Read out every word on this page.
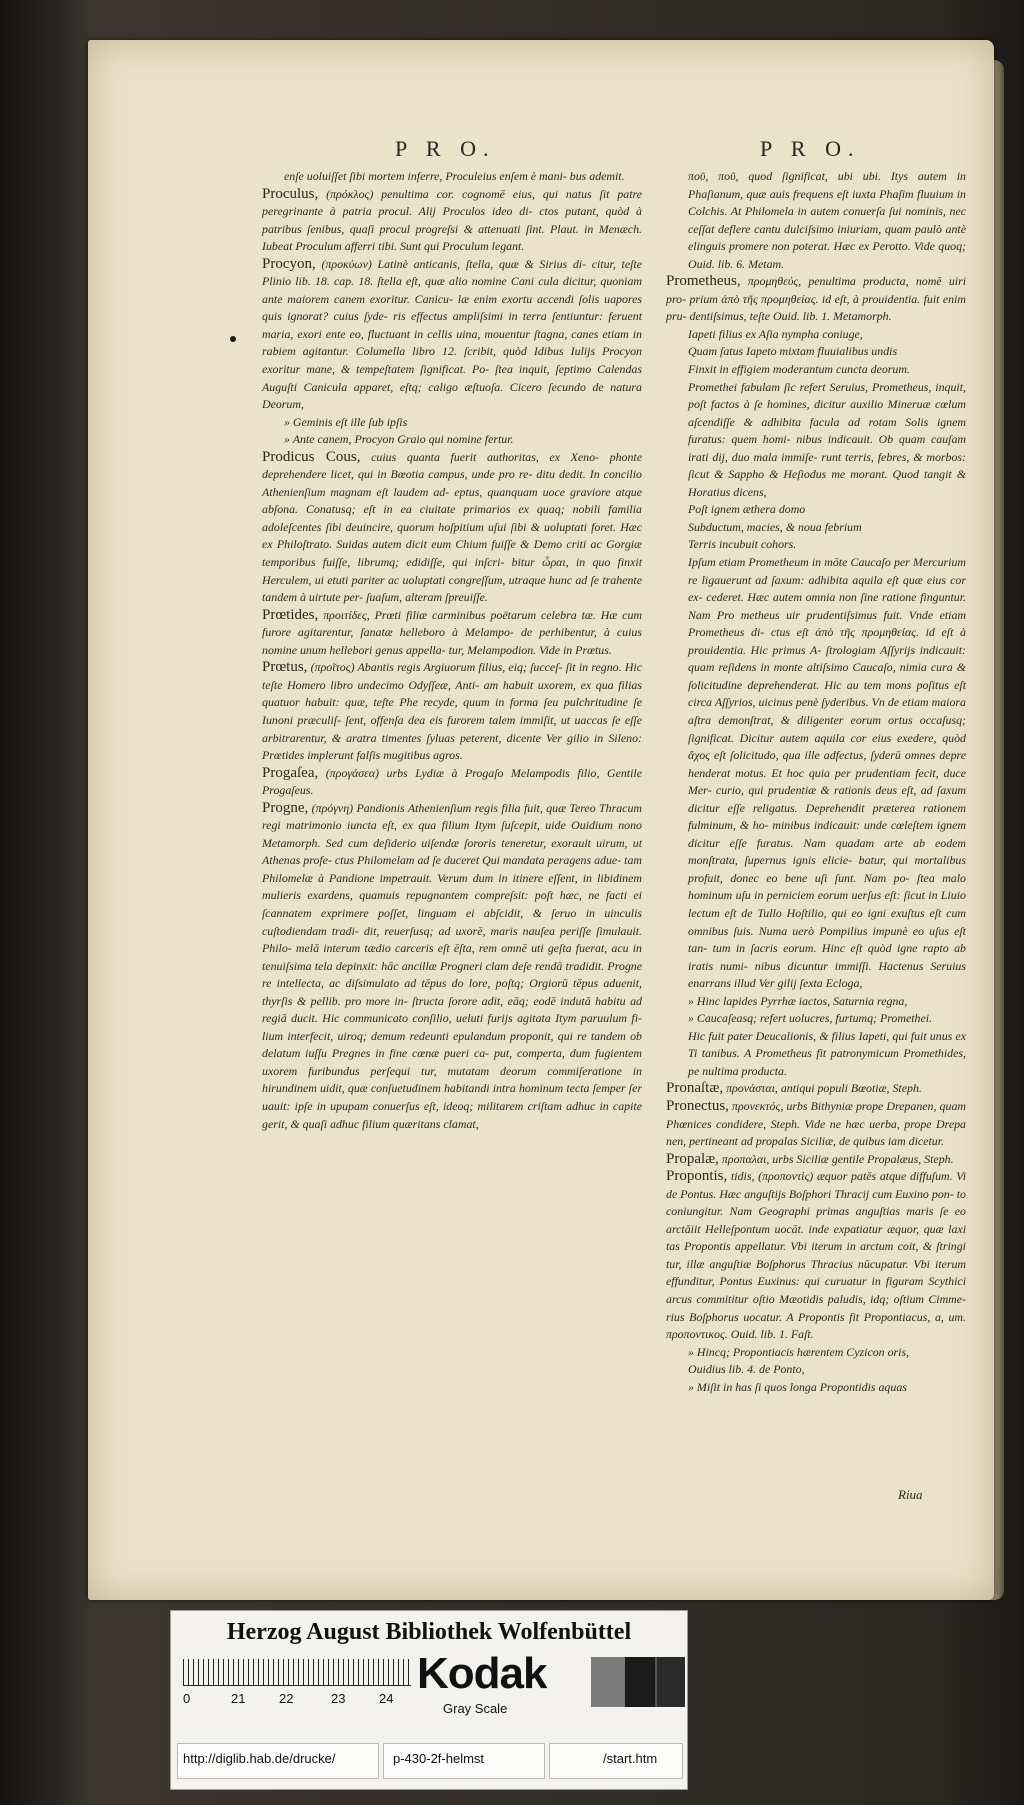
P R O.	P R O.

enſe uoluiſſet ſibi mortem inferre, Proculeius enſem è mani- bus ademit.

Proculus, (πρόκλος) penultima cor. cognomē eius, qui natus ſit patre peregrinante à patria procul. Alij Proculos ideo di- ctos putant, quòd à patribus ſenibus, quaſi procul progreſsi & attenuati ſint. Plaut. in Menæch. Iubeat Proculum afferri tibi. Sunt qui Proculum legant.

Procyon, (προκύων) Latinè anticanis, ſtella, quæ & Sirius di- citur, teſte Plinio lib. 18. cap. 18. ſtella eſt, quæ alio nomine Cani cula dicitur, quoniam ante maiorem canem exoritur. Canicu- læ enim exortu accendi ſolis uapores quis ignorat? cuius ſyde- ris effectus ampliſsimi in terra ſentiuntur: feruent maria, exori ente eo, fluctuant in cellis uina, mouentur ſtagna, canes etiam in rabiem agitantur. Columella libro 12. ſcribit, quòd Idibus Iulijs Procyon exoritur mane, & tempeſtatem ſignificat. Po- ſtea inquit, ſeptimo Calendas Auguſti Canicula apparet, eſtq; caligo æſtuoſa. Cicero ſecundo de natura Deorum,

» Geminis eſt ille ſub ipſis

» Ante canem, Procyon Graio qui nomine fertur.

Prodicus Cous, cuius quanta fuerit authoritas, ex Xeno- phonte deprehendere licet, qui in Bœotia campus, unde pro re- ditu dedit. In concilio Athenienſium magnam eſt laudem ad- eptus, quanquam uoce graviore atque abſona. Conatusq; eſt in ea ciuitate primarios ex quaq; nobili familia adoleſcentes ſibi deuincire, quorum hoſpitium uſui ſibi & uoluptati foret. Hæc ex Philoſtrato. Suidas autem dicit eum Chium fuiſſe & Demo criti ac Gorgiæ temporibus fuiſſe, librumq; edidiſſe, qui inſcri- bitur ὧραι, in quo finxit Herculem, ui etuti pariter ac uoluptati congreſſum, utraque hunc ad ſe trahente tandem à uirtute per- ſuaſum, alteram ſpreuiſſe.

Prœtides, προιτίδες, Prœti filiæ carminibus poëtarum celebra tæ. Hæ cum furore agitarentur, ſanatæ helleboro à Melampo- de perhibentur, à cuius nomine unum hellebori genus appella- tur, Melampodion. Vide in Prœtus.

Prœtus, (προῖτος) Abantis regis Argiuorum filius, eiq; ſucceſ- ſit in regno. Hic teſte Homero libro undecimo Odyſſeæ, Anti- am habuit uxorem, ex qua filias quatuor habuit: quæ, teſte Phe recyde, quum in forma ſeu pulchritudine ſe Iunoni præculiſ- ſent, offenſa dea eis furorem talem immiſit, ut uaccas ſe eſſe arbitrarentur, & aratra timentes ſyluas peterent, dicente Ver gilio in Sileno: Prœtides implerunt falſis mugitibus agros.

Progaſea, (προγάσεα) urbs Lydiæ à Progaſo Melampodis filio, Gentile Progaſeus.

Progne, (πρόγνη) Pandionis Athenienſium regis filia fuit, quæ Tereo Thracum regi matrimonio iuncta eſt, ex qua filium Itym ſuſcepit, uide Ouidium nono Metamorph. Sed cum deſiderio uiſendæ ſororis teneretur, exorauit uirum, ut Athenas profe- ctus Philomelam ad ſe duceret Qui mandata peragens adue- tam Philomelæ à Pandione impetrauit. Verum dum in itinere eſſent, in libidinem mulieris exardens, quamuis repugnantem compreſsit: poſt hæc, ne facti ei ſcannatem exprimere poſſet, linguam ei abſcidit, & ſeruo in uinculis cuſtodiendam tradi- dit, reuerſusq; ad uxorē, maris nauſea periſſe ſimulauit. Philo- melā interum tædio carceris eſt ēſta, rem omnē uti geſta fuerat, acu in tenuiſsima tela depinxit: hāc ancillæ Progneri clam deſe rendā tradidit. Progne re intellecta, ac diſsimulato ad tēpus do lore, poſtq; Orgiorū tēpus aduenit, thyrſis & pellib. pro more in- ſtructa ſorore adit, eāq; eodē indutā habitu ad regiā ducit. Hic communicato conſilio, ueluti furijs agitata Itym paruulum fi- lium interfecit, uiroq; demum redeunti epulandum proponit, qui re tandem ob delatum iuſſu Pregnes in fine cœnæ pueri ca- put, comperta, dum fugientem uxorem furibundus perſequi tur, mutatam deorum commiſeratione in hirundinem uidit, quæ conſuetudinem habitandi intra hominum tecta ſemper ſer uauit: ipſe in upupam conuerſus eſt, ideoq; militarem criſtam adhuc in capite gerit, & quaſi adhuc filium quæritans clamat,

ποῦ, ποῦ, quod ſignificat, ubi ubi. Itys autem in Phaſianum, quæ auis frequens eſt iuxta Phaſim fluuium in Colchis. At Philomela in autem conuerſa ſui nominis, nec ceſſat deflere cantu dulciſsimo iniuriam, quam paulò antè elinguis promere non poterat. Hæc ex Perotto. Vide quoq; Ouid. lib. 6. Metam.

Prometheus, προμηθεύς, penultima producta, nomē uiri pro- prium ἀπὸ τῆς προμηθείας. id eſt, à prouidentia. fuit enim pru- dentiſsimus, teſte Ouid. lib. 1. Metamorph.

Iapeti filius ex Aſia nympha coniuge,

Quam ſatus Iapeto mixtam fluuialibus undis

Finxit in effigiem moderantum cuncta deorum.

Promethei fabulam ſic refert Seruius, Prometheus, inquit, poſt factos à ſe homines, dicitur auxilio Mineruæ cœlum aſcendiſſe & adhibita facula ad rotam Solis ignem furatus: quem homi- nibus indicauit. Ob quam cauſam irati dij, duo mala immiſe- runt terris, febres, & morbos: ſicut & Sappho & Heſiodus me morant. Quod tangit & Horatius dicens,

Poſt ignem æthera domo

Subductum, macies, & noua febrium

Terris incubuit cohors.

Ipſum etiam Prometheum in mōte Caucaſo per Mercurium re ligauerunt ad ſaxum: adhibita aquila eſt quæ eius cor ex- cederet. Hæc autem omnia non ſine ratione finguntur. Nam Pro metheus uir prudentiſsimus fuit. Vnde etiam Prometheus di- ctus eſt ἀπὸ τῆς προμηθείας. id eſt à prouidentia. Hic primus A- ſtrologiam Aſſyrijs indicauit: quam reſidens in monte altiſsimo Caucaſo, nimia cura & ſolicitudine deprehenderat. Hic au tem mons poſitus eſt circa Aſſyrios, uicinus penè ſyderibus. Vn de etiam maiora aſtra demonſtrat, & diligenter eorum ortus occaſusq; ſignificat. Dicitur autem aquila cor eius exedere, quòd ἄχος eſt ſolicitudo, qua ille adfectus, ſyderū omnes depre henderat motus. Et hoc quia per prudentiam fecit, duce Mer- curio, qui prudentiæ & rationis deus eſt, ad ſaxum dicitur eſſe religatus. Deprehendit præterea rationem fulminum, & ho- minibus indicauit: unde cœleſtem ignem dicitur eſſe furatus. Nam quadam arte ab eodem monſtrata, ſupernus ignis elicie- batur, qui mortalibus profuit, donec eo bene uſi ſunt. Nam po- ſtea malo hominum uſu in perniciem eorum uerſus eſt: ſicut in Liuio lectum eſt de Tullo Hoſtilio, qui eo igni exuſtus eſt cum omnibus ſuis. Numa uerò Pompilius impunè eo uſus eſt tan- tum in ſacris eorum. Hinc eſt quòd igne rapto ab iratis numi- nibus dicuntur immiſſi. Hactenus Seruius enarrans illud Ver gilij ſexta Ecloga,

» Hinc lapides Pyrrhæ iactos, Saturnia regna,

» Caucaſeasq; refert uolucres, furtumq; Promethei.

Hic fuit pater Deucalionis, & filius Iapeti, qui fuit unus ex Ti tanibus. A Prometheus fit patronymicum Promethides, pe nultima producta.

Pronaſtæ, προνάσται, antiqui populi Bœotiæ, Steph.

Pronectus, προνεκτός, urbs Bithyniæ prope Drepanen, quam Phœnices condidere, Steph. Vide ne hæc uerba, prope Drepa nen, pertineant ad propalas Siciliæ, de quibus iam dicetur.

Propalæ, προπαλαι, urbs Siciliæ gentile Propalæus, Steph.

Propontis, tidis, (προποντὶς) æquor patēs atque diffuſum. Vi de Pontus. Hæc anguſtijs Boſphori Thracij cum Euxino pon- to coniungitur. Nam Geographi primas anguſtias maris ſe eo arctāiit Helleſpontum uocāt. inde expatiatur æquor, quæ laxi tas Propontis appellatur. Vbi iterum in arctum coit, & ſtringi tur, illæ anguſtiæ Boſphorus Thracius nūcupatur. Vbi iterum effunditur, Pontus Euxinus: qui curuatur in figuram Scythici arcus commititur oſtio Mæotidis paludis, idq; oſtium Cimme- rius Boſphorus uocatur. A Propontis fit Propontiacus, a, um. προποντικος. Ouid. lib. 1. Faſt.

» Hincq; Propontiacis hærentem Cyzicon oris,

Ouidius lib. 4. de Ponto,

» Miſit in has ſi quos longa Propontidis aquas

Riua
Herzog August Bibliothek Wolfenbüttel
0	21	22	23	24
Kodak
Gray Scale
http://diglib.hab.de/drucke/	p-430-2f-helmst	/start.htm
